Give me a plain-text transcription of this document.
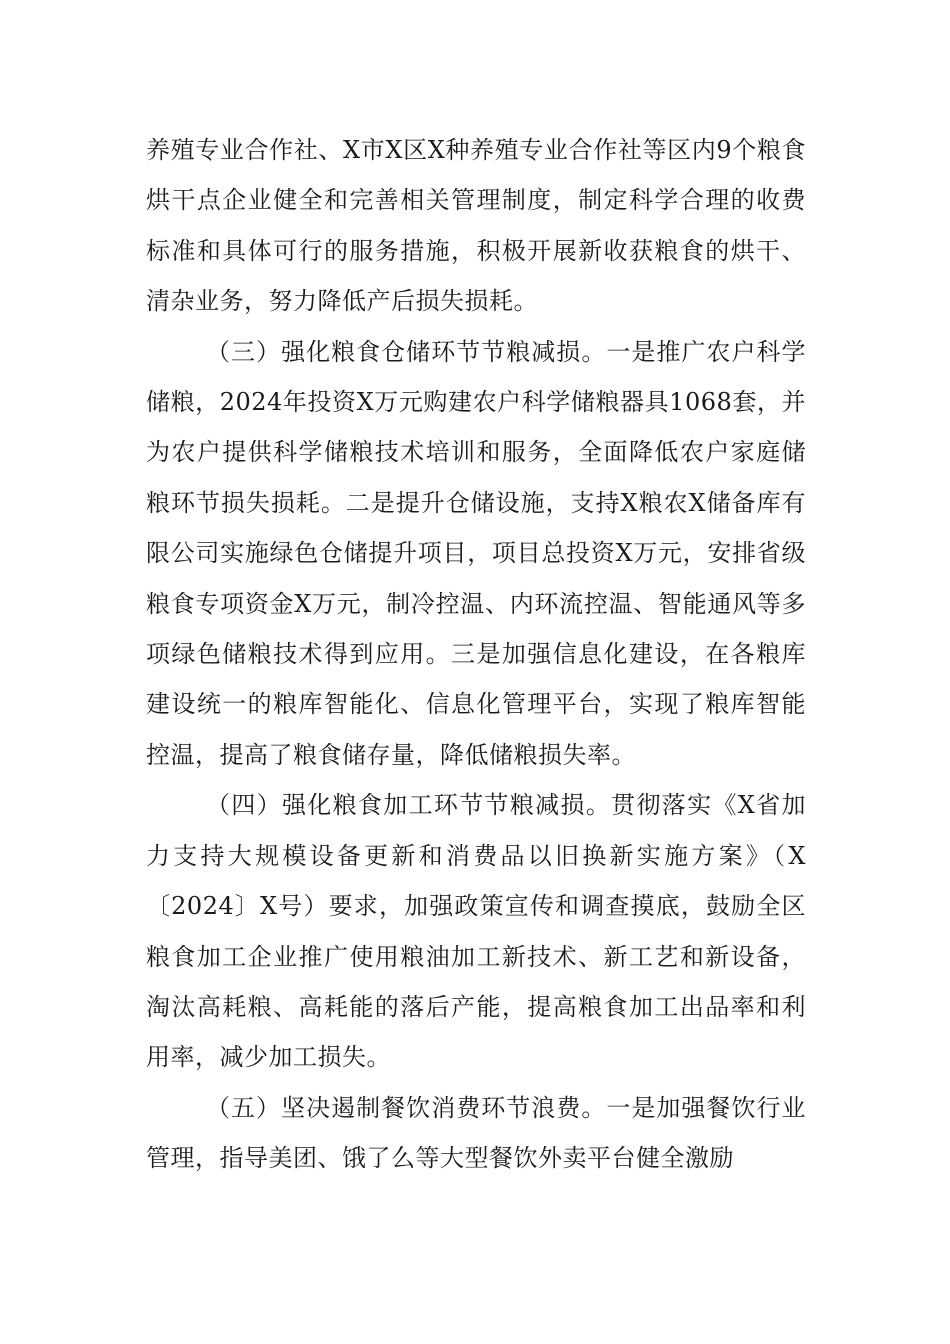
养殖专业合作社、X市X区X种养殖专业合作社等区内9个粮食烘干点企业健全和完善相关管理制度，制定科学合理的收费标准和具体可行的服务措施，积极开展新收获粮食的烘干、清杂业务，努力降低产后损失损耗。

（三）强化粮食仓储环节节粮减损。一是推广农户科学储粮，2024年投资X万元购建农户科学储粮器具1068套，并为农户提供科学储粮技术培训和服务，全面降低农户家庭储粮环节损失损耗。二是提升仓储设施，支持X粮农X储备库有限公司实施绿色仓储提升项目，项目总投资X万元，安排省级粮食专项资金X万元，制冷控温、内环流控温、智能通风等多项绿色储粮技术得到应用。三是加强信息化建设，在各粮库建设统一的粮库智能化、信息化管理平台，实现了粮库智能控温，提高了粮食储存量，降低储粮损失率。

（四）强化粮食加工环节节粮减损。贯彻落实《X省加力支持大规模设备更新和消费品以旧换新实施方案》（X〔2024〕X号）要求，加强政策宣传和调查摸底，鼓励全区粮食加工企业推广使用粮油加工新技术、新工艺和新设备，淘汰高耗粮、高耗能的落后产能，提高粮食加工出品率和利用率，减少加工损失。

（五）坚决遏制餐饮消费环节浪费。一是加强餐饮行业管理，指导美团、饿了么等大型餐饮外卖平台健全激励
